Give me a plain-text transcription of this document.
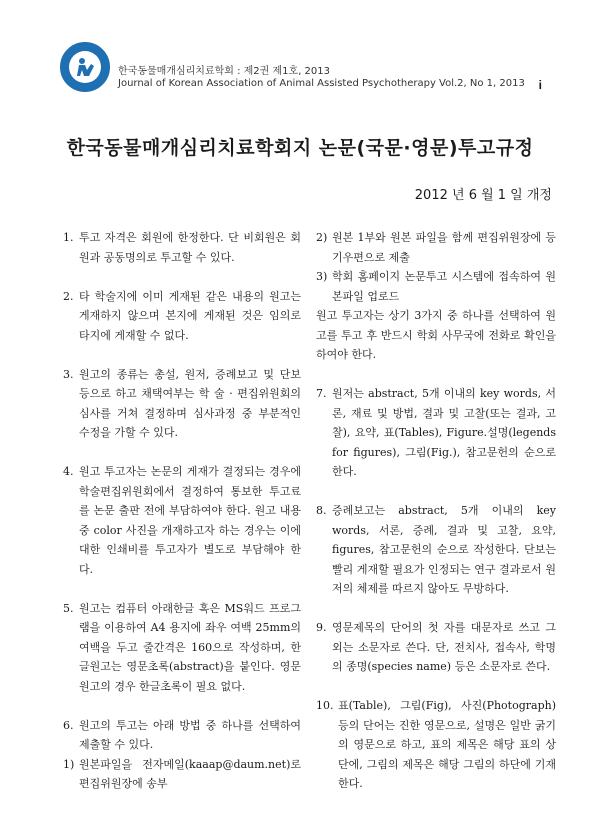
한국동물매개심리치료학회 : 제2권 제1호, 2013
Journal of Korean Association of Animal Assisted Psychotherapy Vol.2, No 1, 2013 i
한국동물매개심리치료학회지 논문(국문·영문)투고규정
2012 년 6 월 1 일 개정
1. 투고 자격은 회원에 한정한다. 단 비회원은 회원과 공동명의로 투고할 수 있다.
2. 타 학술지에 이미 게재된 같은 내용의 원고는 게재하지 않으며 본지에 게재된 것은 임의로 타지에 게재할 수 없다.
3. 원고의 종류는 총설, 원저, 증례보고 및 단보 등으로 하고 채택여부는 학 술 · 편집위원회의 심사를 거쳐 결정하며 심사과정 중 부분적인 수정을 가할 수 있다.
4. 원고 투고자는 논문의 게재가 결정되는 경우에 학술편집위원회에서 결정하여 통보한 투고료를 논문 출판 전에 부담하여야 한다. 원고 내용 중 color 사진을 개재하고자 하는 경우는 이에 대한 인쇄비를 투고자가 별도로 부담해야 한다.
5. 원고는 컴퓨터 아래한글 혹은 MS워드 프로그램을 이용하여 A4 용지에 좌우 여백 25mm의 여백을 두고 줄간격은 160으로 작성하며, 한글원고는 영문초록(abstract)을 붙인다. 영문원고의 경우 한글초록이 필요 없다.
6. 원고의 투고는 아래 방법 중 하나를 선택하여 제출할 수 있다.
1) 원본파일을 전자메일(kaaap@daum.net)로 편집위원장에 송부
2) 원본 1부와 원본 파일을 함께 편집위원장에 등기우편으로 제출
3) 학회 홈페이지 논문투고 시스템에 접속하여 원본파일 업로드
원고 투고자는 상기 3가지 중 하나를 선택하여 원고를 투고 후 반드시 학회 사무국에 전화로 확인을 하여야 한다.
7. 원저는 abstract, 5개 이내의 key words, 서론, 재료 및 방법, 결과 및 고찰(또는 결과, 고찰), 요약, 표(Tables), Figure.설명(legends for figures), 그림(Fig.), 참고문헌의 순으로 한다.
8. 증례보고는 abstract, 5개 이내의 key words, 서론, 증례, 결과 및 고찰, 요약, figures, 참고문헌의 순으로 작성한다. 단보는 빨리 게재할 필요가 인정되는 연구 결과로서 원저의 체제를 따르지 않아도 무방하다.
9. 영문제목의 단어의 첫 자를 대문자로 쓰고 그 외는 소문자로 쓴다. 단, 전치사, 접속사, 학명의 종명(species name) 등은 소문자로 쓴다.
10. 표(Table), 그림(Fig), 사진(Photograph) 등의 단어는 진한 영문으로, 설명은 일반 굵기의 영문으로 하고, 표의 제목은 해당 표의 상단에, 그림의 제목은 해당 그림의 하단에 기재한다.
